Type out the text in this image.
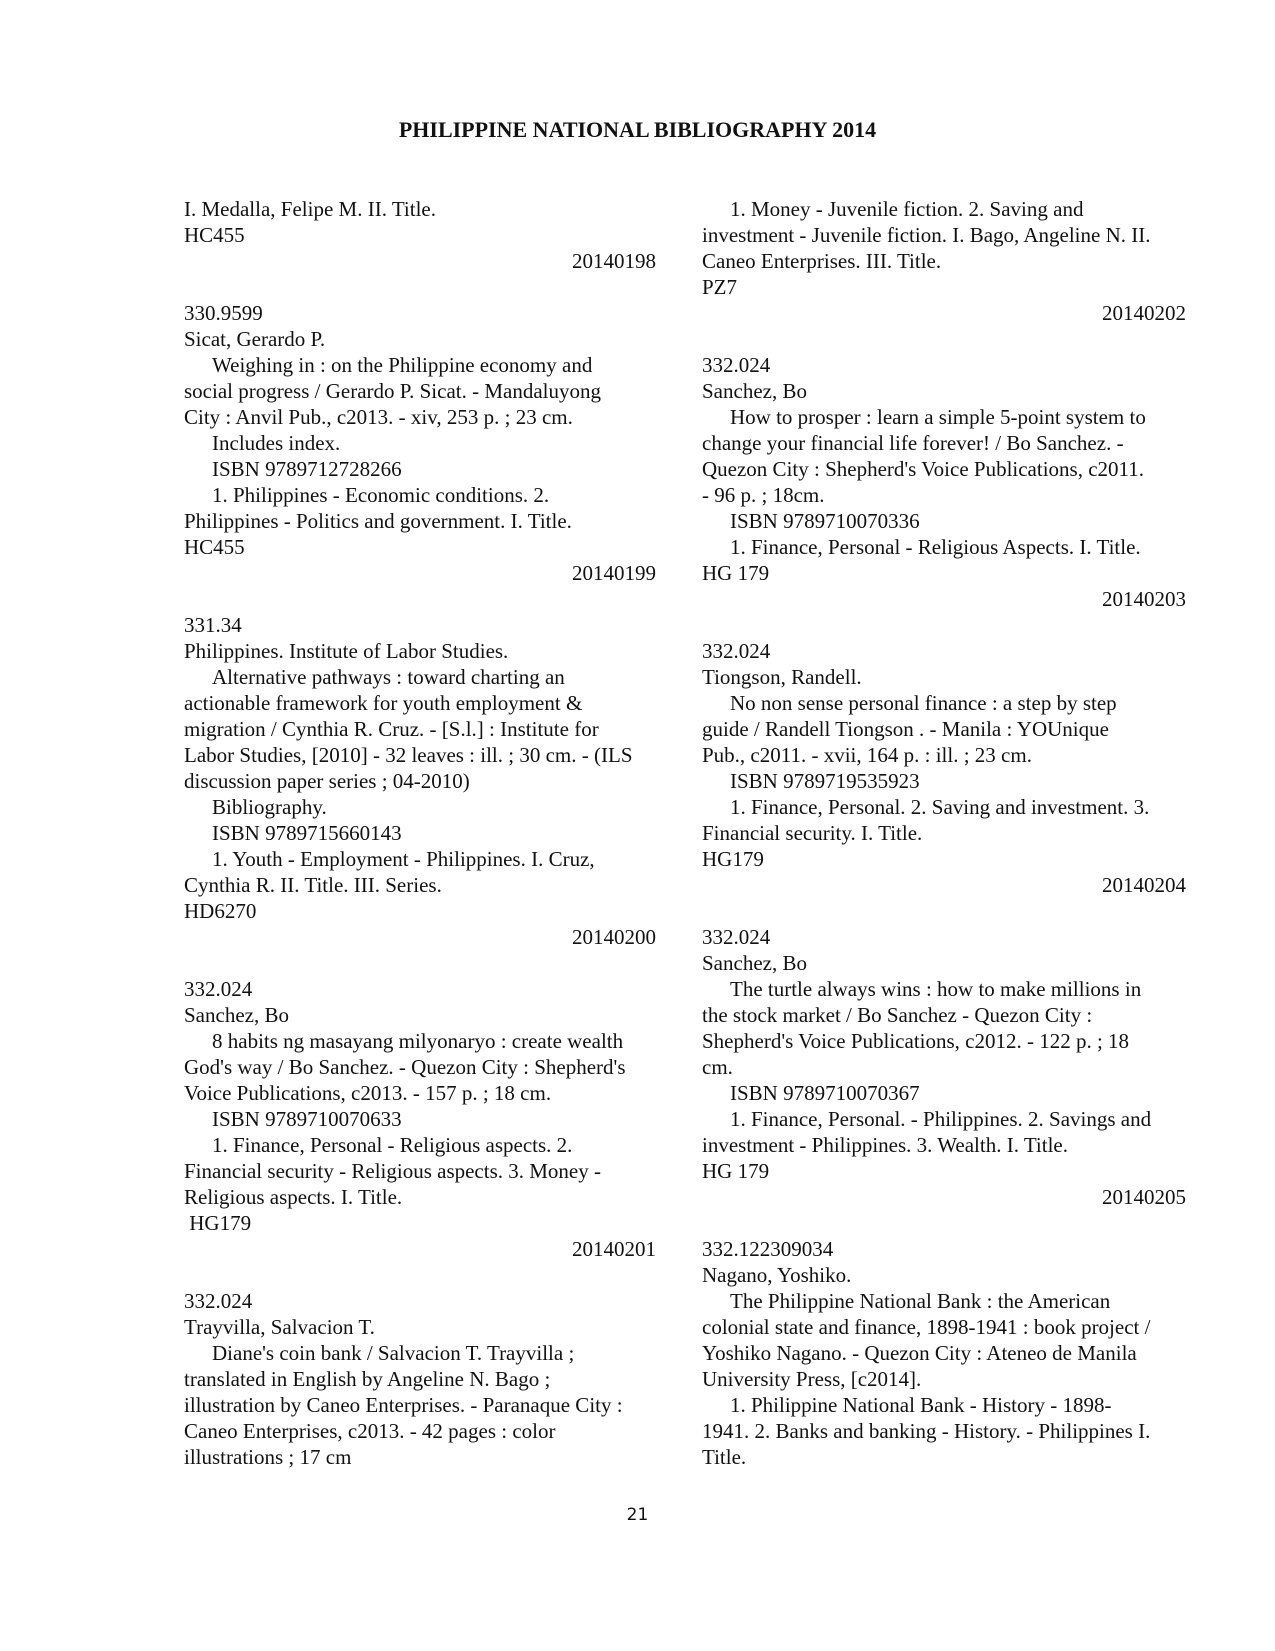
PHILIPPINE NATIONAL BIBLIOGRAPHY 2014
I. Medalla, Felipe M. II. Title.
HC455
20140198
330.9599
Sicat, Gerardo P.
Weighing in : on the Philippine economy and
social progress / Gerardo P. Sicat. - Mandaluyong
City : Anvil Pub., c2013. - xiv, 253 p. ; 23 cm.
Includes index.
ISBN 9789712728266
1. Philippines - Economic conditions. 2.
Philippines - Politics and government. I. Title.
HC455
20140199
331.34
Philippines. Institute of Labor Studies.
Alternative pathways : toward charting an
actionable framework for youth employment &
migration / Cynthia R. Cruz. - [S.l.] : Institute for
Labor Studies, [2010] - 32 leaves : ill. ; 30 cm. - (ILS
discussion paper series ; 04-2010)
Bibliography.
ISBN 9789715660143
1. Youth - Employment - Philippines. I. Cruz,
Cynthia R. II. Title. III. Series.
HD6270
20140200
332.024
Sanchez, Bo
8 habits ng masayang milyonaryo : create wealth
God's way / Bo Sanchez. - Quezon City : Shepherd's
Voice Publications, c2013. - 157 p. ; 18 cm.
ISBN 9789710070633
1. Finance, Personal - Religious aspects. 2.
Financial security - Religious aspects. 3. Money -
Religious aspects. I. Title.
HG179
20140201
332.024
Trayvilla, Salvacion T.
Diane's coin bank / Salvacion T. Trayvilla ;
translated in English by Angeline N. Bago ;
illustration by Caneo Enterprises. - Paranaque City :
Caneo Enterprises, c2013. - 42 pages : color
illustrations ; 17 cm
1. Money - Juvenile fiction. 2. Saving and
investment - Juvenile fiction. I. Bago, Angeline N. II.
Caneo Enterprises. III. Title.
PZ7
20140202
332.024
Sanchez, Bo
How to prosper : learn a simple 5-point system to
change your financial life forever! / Bo Sanchez. -
Quezon City : Shepherd's Voice Publications, c2011.
- 96 p. ; 18cm.
ISBN 9789710070336
1. Finance, Personal - Religious Aspects. I. Title.
HG 179
20140203
332.024
Tiongson, Randell.
No non sense personal finance : a step by step
guide / Randell Tiongson . - Manila : YOUnique
Pub., c2011. - xvii, 164 p. : ill. ; 23 cm.
ISBN 9789719535923
1. Finance, Personal. 2. Saving and investment. 3.
Financial security. I. Title.
HG179
20140204
332.024
Sanchez, Bo
The turtle always wins : how to make millions in
the stock market / Bo Sanchez - Quezon City :
Shepherd's Voice Publications, c2012. - 122 p. ; 18
cm.
ISBN 9789710070367
1. Finance, Personal. - Philippines. 2. Savings and
investment - Philippines. 3. Wealth. I. Title.
HG 179
20140205
332.122309034
Nagano, Yoshiko.
The Philippine National Bank : the American
colonial state and finance, 1898-1941 : book project /
Yoshiko Nagano. - Quezon City : Ateneo de Manila
University Press, [c2014].
1. Philippine National Bank - History - 1898-
1941. 2. Banks and banking - History. - Philippines I.
Title.
21
